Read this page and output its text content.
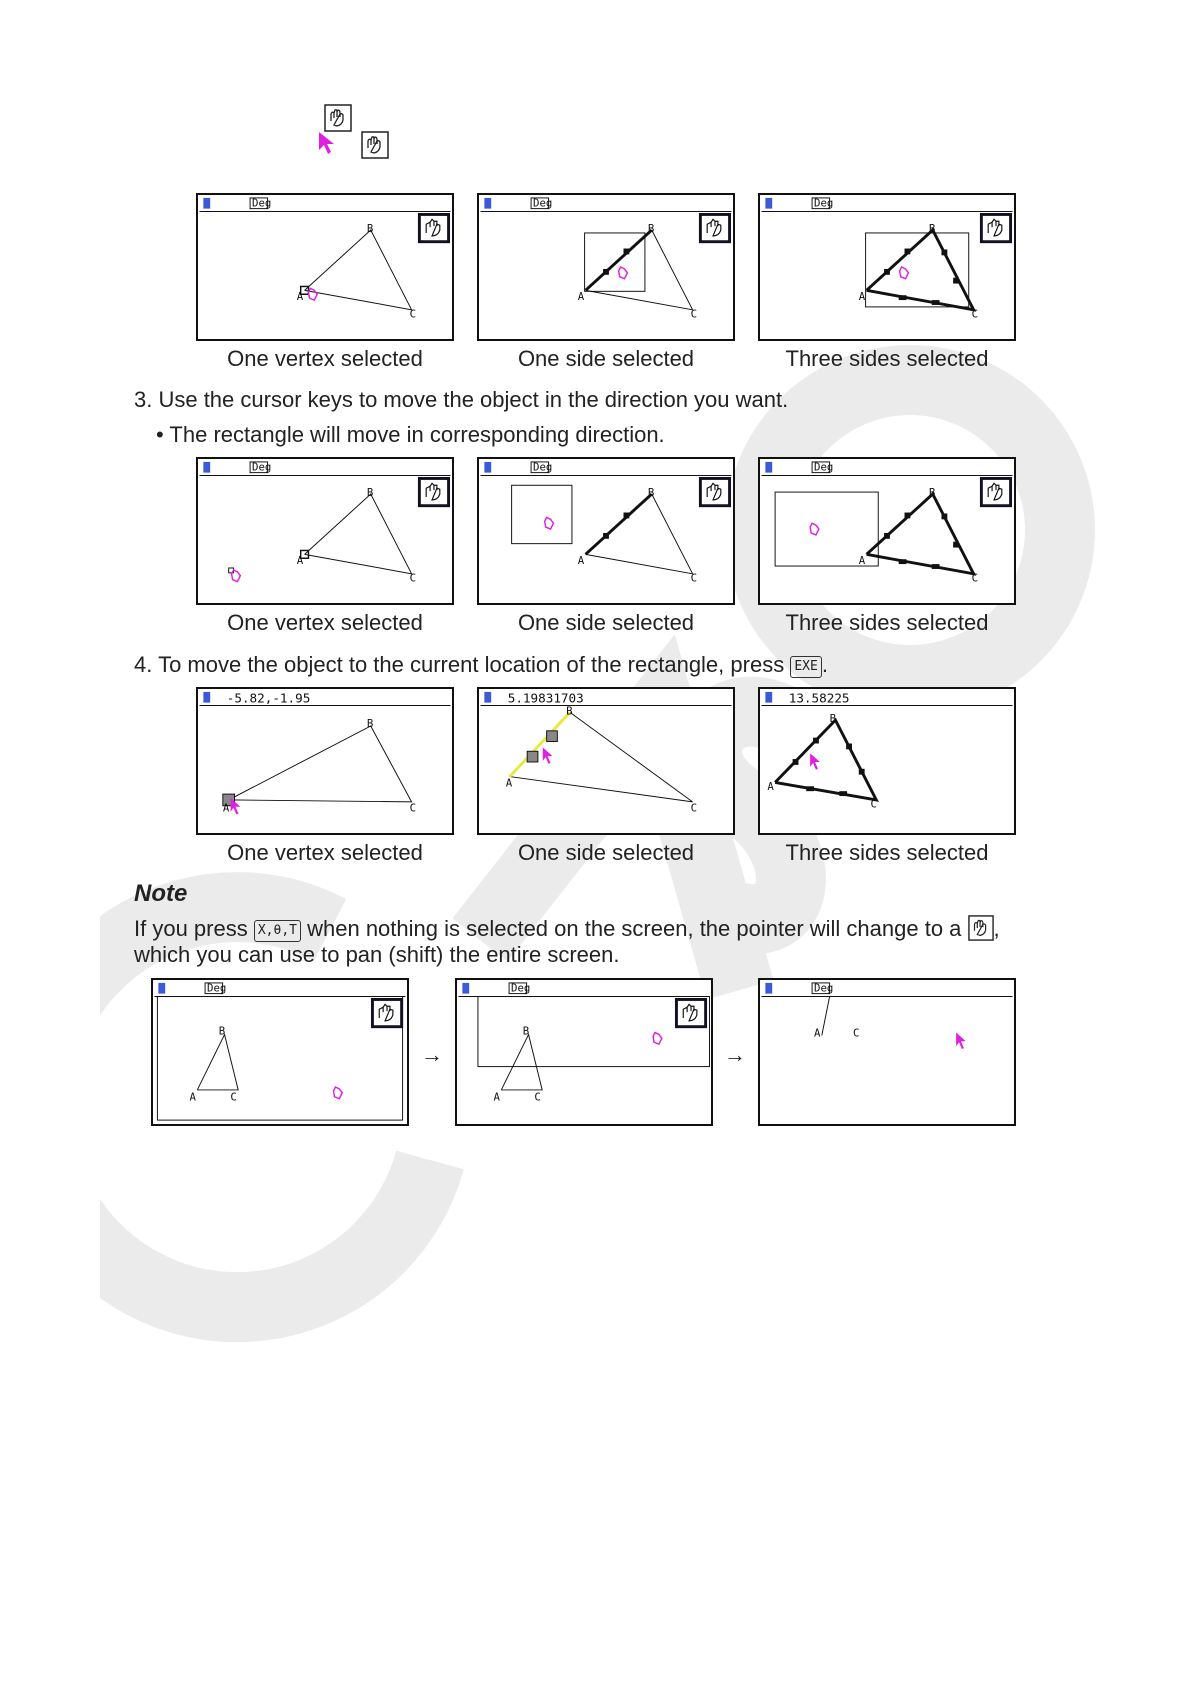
Deg
B
A
C
Deg
B
A
C
Deg
B
A
C
One vertex selected	One side selected	Three sides selected
3. Use the cursor keys to move the object in the direction you want.
• The rectangle will move in corresponding direction.
Deg
B
A
C
Deg
B
A
C
Deg
B
A
C
One vertex selected	One side selected	Three sides selected
4. To move the object to the current location of the rectangle, press EXE .
-5.82,-1.95
B
A	C
5.19831703
B
A
C
13.58225
B
A
C
One vertex selected	One side selected	Three sides selected
Note
If you press X,θ,T when nothing is selected on the screen, the pointer will change to a ,
which you can use to pan (shift) the entire screen.
Deg
B
A	C
→
Deg
B
A	C
→
Deg
A	C
